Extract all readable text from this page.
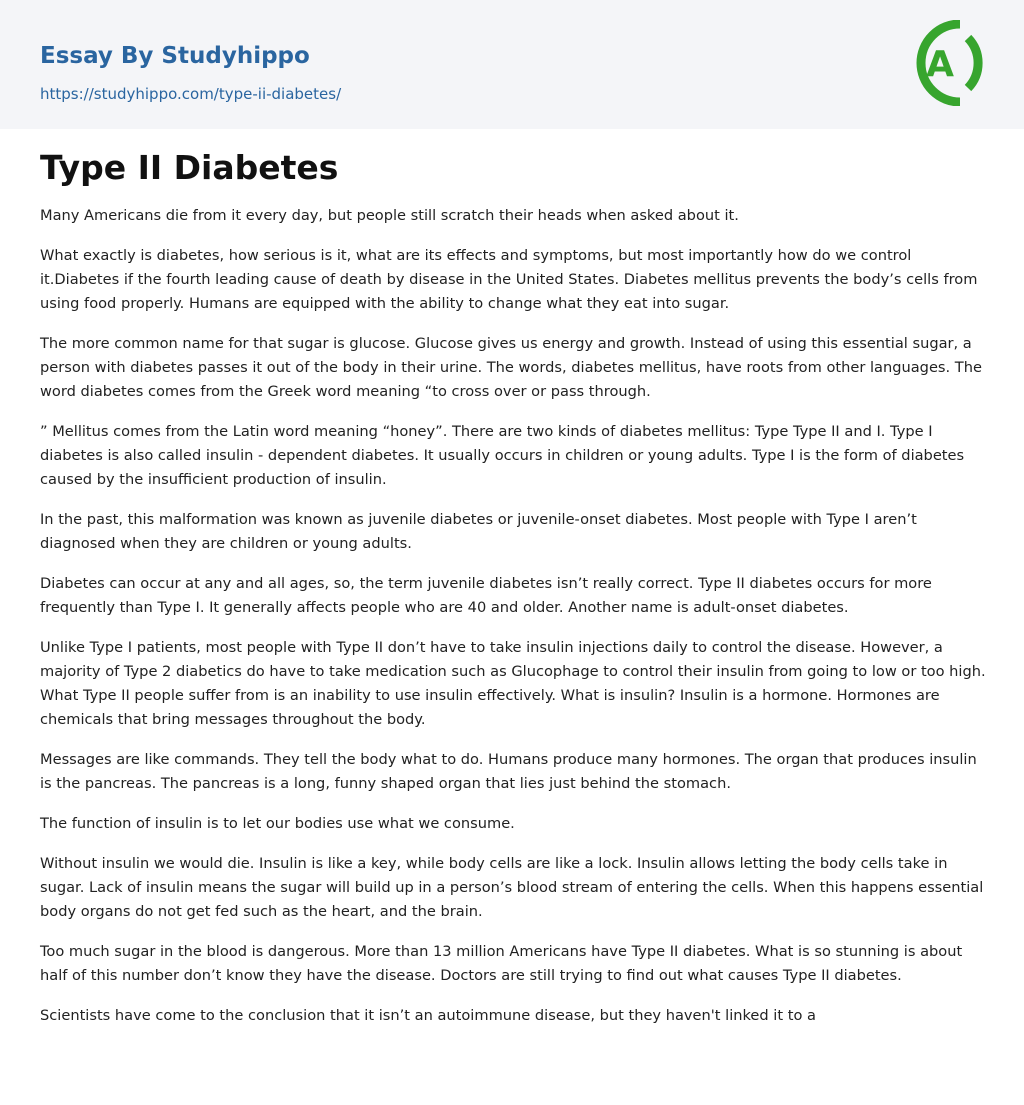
Essay By Studyhippo
https://studyhippo.com/type-ii-diabetes/
A
Type II Diabetes

Many Americans die from it every day, but people still scratch their heads when asked about it.

What exactly is diabetes, how serious is it, what are its effects and symptoms, but most importantly how do we control it.Diabetes if the fourth leading cause of death by disease in the United States. Diabetes mellitus prevents the body’s cells from using food properly. Humans are equipped with the ability to change what they eat into sugar.

The more common name for that sugar is glucose. Glucose gives us energy and growth. Instead of using this essential sugar, a person with diabetes passes it out of the body in their urine. The words, diabetes mellitus, have roots from other languages. The word diabetes comes from the Greek word meaning “to cross over or pass through.

” Mellitus comes from the Latin word meaning “honey”. There are two kinds of diabetes mellitus: Type Type II and I. Type I diabetes is also called insulin - dependent diabetes. It usually occurs in children or young adults. Type I is the form of diabetes caused by the insufficient production of insulin.

In the past, this malformation was known as juvenile diabetes or juvenile-onset diabetes. Most people with Type I aren’t diagnosed when they are children or young adults.

Diabetes can occur at any and all ages, so, the term juvenile diabetes isn’t really correct. Type II diabetes occurs for more frequently than Type I. It generally affects people who are 40 and older. Another name is adult-onset diabetes.

Unlike Type I patients, most people with Type II don’t have to take insulin injections daily to control the disease. However, a majority of Type 2 diabetics do have to take medication such as Glucophage to control their insulin from going to low or too high. What Type II people suffer from is an inability to use insulin effectively. What is insulin? Insulin is a hormone. Hormones are chemicals that bring messages throughout the body.

Messages are like commands. They tell the body what to do. Humans produce many hormones. The organ that produces insulin is the pancreas. The pancreas is a long, funny shaped organ that lies just behind the stomach.

The function of insulin is to let our bodies use what we consume.

Without insulin we would die. Insulin is like a key, while body cells are like a lock. Insulin allows letting the body cells take in sugar. Lack of insulin means the sugar will build up in a person’s blood stream of entering the cells. When this happens essential body organs do not get fed such as the heart, and the brain.

Too much sugar in the blood is dangerous. More than 13 million Americans have Type II diabetes. What is so stunning is about half of this number don’t know they have the disease. Doctors are still trying to find out what causes Type II diabetes.

Scientists have come to the conclusion that it isn’t an autoimmune disease, but they haven't linked it to a
